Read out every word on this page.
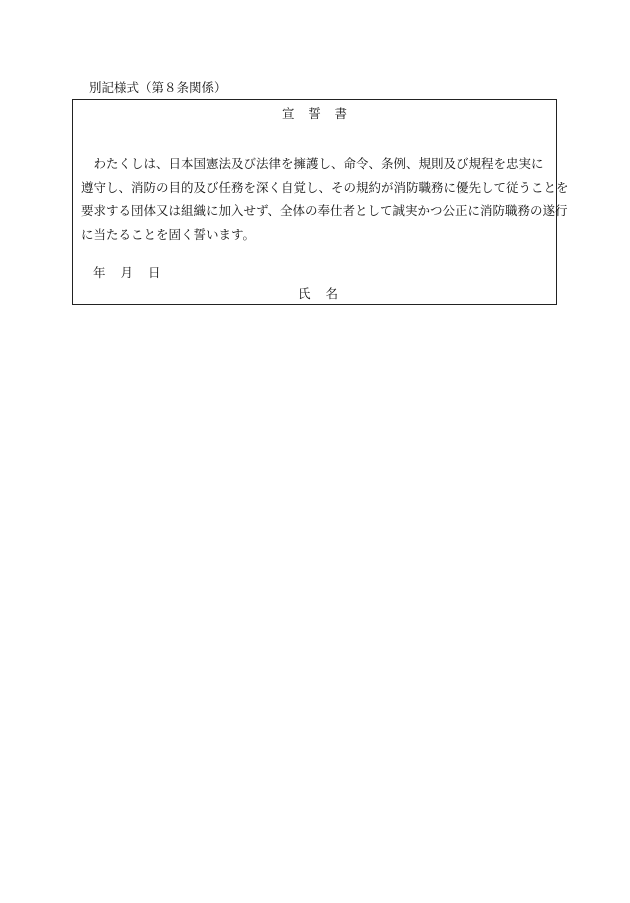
別記様式（第８条関係）
宣誓書
わたくしは、日本国憲法及び法律を擁護し、命令、条例、規則及び規程を忠実に
遵守し、消防の目的及び任務を深く自覚し、その規約が消防職務に優先して従うことを
要求する団体又は組織に加入せず、全体の奉仕者として誠実かつ公正に消防職務の遂行
に当たることを固く誓います。
年月日
氏名
